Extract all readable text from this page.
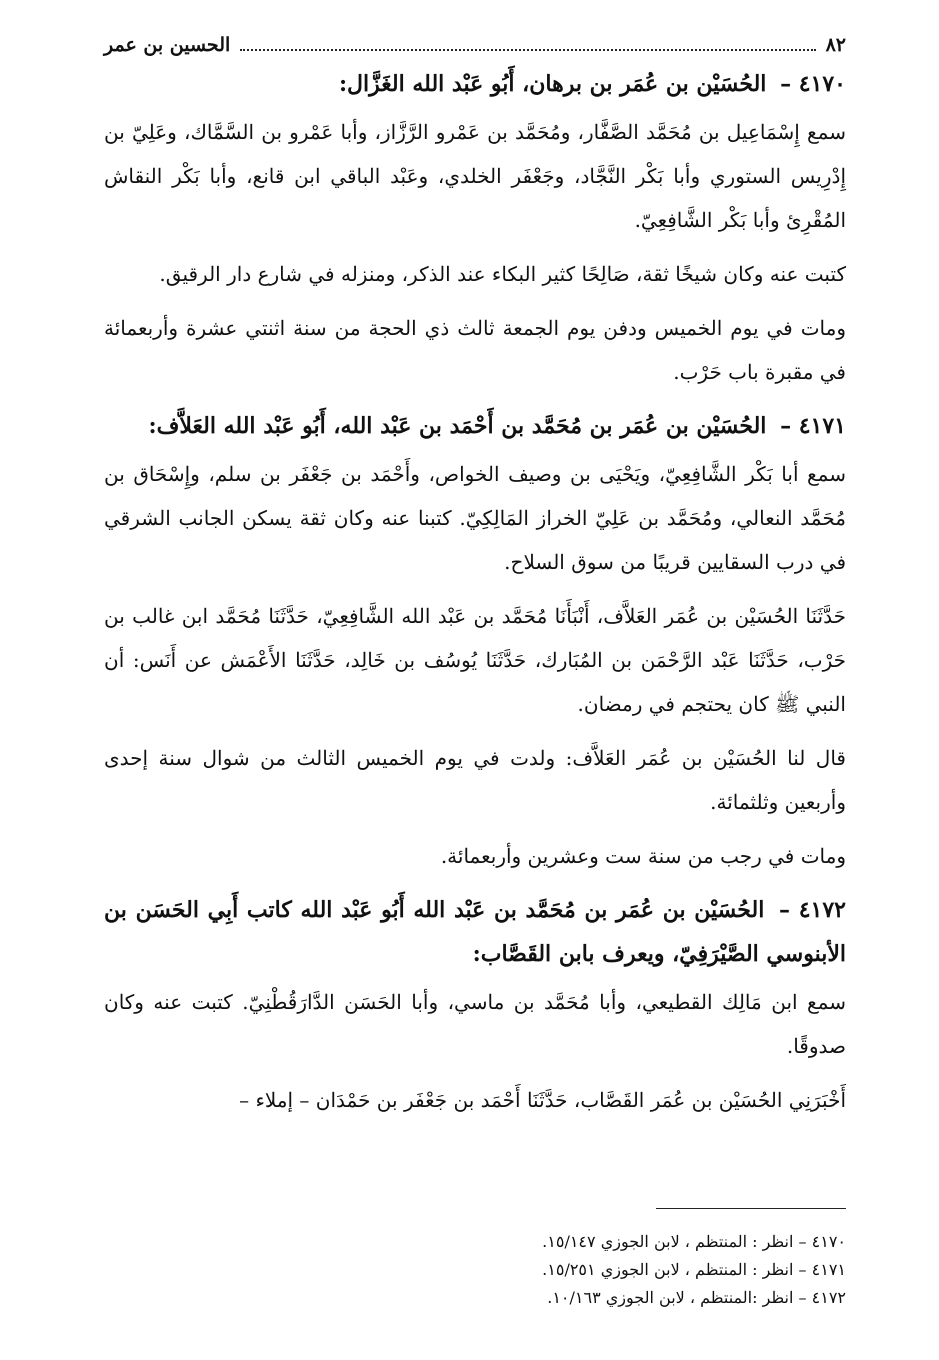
٨٢
الحسين بن عمر
٤١٧٠ – الحُسَيْن بن عُمَر بن برهان، أَبُو عَبْد الله الغَزَّال:

سمع إِسْمَاعِيل بن مُحَمَّد الصَّفَّار، ومُحَمَّد بن عَمْرو الرَّزَّاز، وأبا عَمْرو بن السَّمَّاك، وعَلِيّ بن إِدْرِيس الستوري وأبا بَكْر النَّجَّاد، وجَعْفَر الخلدي، وعَبْد الباقي ابن قانع، وأبا بَكْر النقاش المُقْرِئ وأبا بَكْر الشَّافِعِيّ.

كتبت عنه وكان شيخًا ثقة، صَالِحًا كثير البكاء عند الذكر، ومنزله في شارع دار الرقيق.

ومات في يوم الخميس ودفن يوم الجمعة ثالث ذي الحجة من سنة اثنتي عشرة وأربعمائة في مقبرة باب حَرْب.

٤١٧١ – الحُسَيْن بن عُمَر بن مُحَمَّد بن أَحْمَد بن عَبْد الله، أَبُو عَبْد الله العَلاَّف:

سمع أبا بَكْر الشَّافِعِيّ، ويَحْيَى بن وصيف الخواص، وأَحْمَد بن جَعْفَر بن سلم، وإِسْحَاق بن مُحَمَّد النعالي، ومُحَمَّد بن عَلِيّ الخراز المَالِكِيّ. كتبنا عنه وكان ثقة يسكن الجانب الشرقي في درب السقايين قريبًا من سوق السلاح.

حَدَّثَنَا الحُسَيْن بن عُمَر العَلاَّف، أَنْبَأَنَا مُحَمَّد بن عَبْد الله الشَّافِعِيّ، حَدَّثَنَا مُحَمَّد ابن غالب بن حَرْب، حَدَّثَنَا عَبْد الرَّحْمَن بن المُبَارك، حَدَّثَنَا يُوسُف بن خَالِد، حَدَّثَنَا الأَعْمَش عن أَنَس: أن النبي ﷺ كان يحتجم في رمضان.

قال لنا الحُسَيْن بن عُمَر العَلاَّف: ولدت في يوم الخميس الثالث من شوال سنة إحدى وأربعين وثلثمائة.

ومات في رجب من سنة ست وعشرين وأربعمائة.

٤١٧٢ – الحُسَيْن بن عُمَر بن مُحَمَّد بن عَبْد الله أَبُو عَبْد الله كاتب أَبِي الحَسَن بن الأبنوسي الصَّيْرَفِيّ، ويعرف بابن القَصَّاب:

سمع ابن مَالِك القطيعي، وأبا مُحَمَّد بن ماسي، وأبا الحَسَن الدَّارَقُطْنِيّ. كتبت عنه وكان صدوقًا.

أَخْبَرَنِي الحُسَيْن بن عُمَر القَصَّاب، حَدَّثَنَا أَحْمَد بن جَعْفَر بن حَمْدَان – إملاء –

٤١٧٠ – انظر : المنتظم ، لابن الجوزي ١٥/١٤٧.

٤١٧١ – انظر : المنتظم ، لابن الجوزي ١٥/٢٥١.

٤١٧٢ – انظر :المنتظم ، لابن الجوزي ١٠/١٦٣.
